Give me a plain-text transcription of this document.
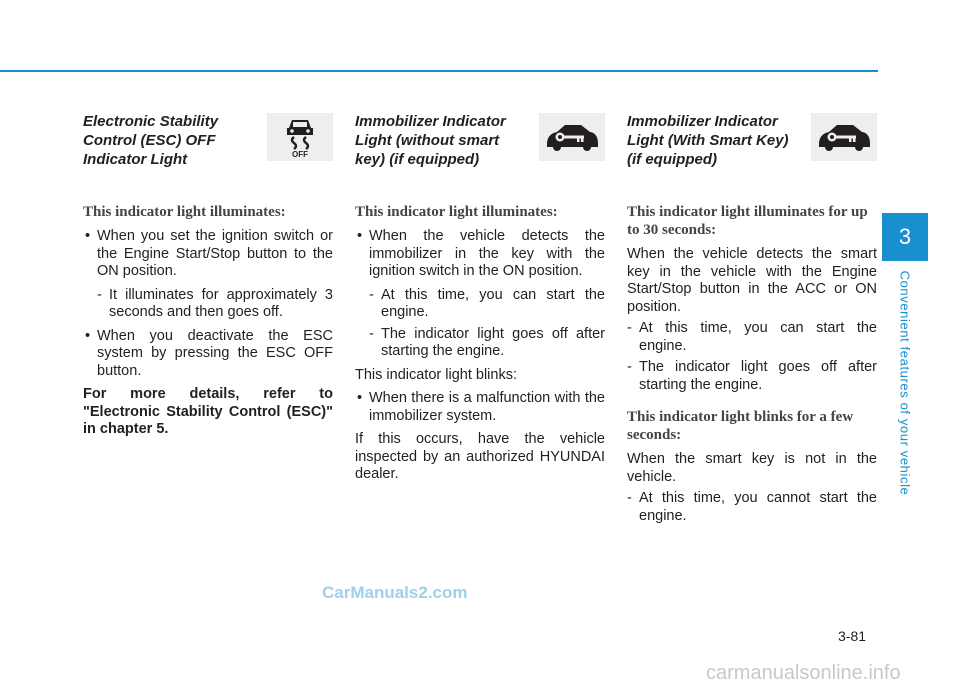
Electronic Stability Control (ESC) OFF Indicator Light	OFF

This indicator light illuminates:

• When you set the ignition switch or the Engine Start/Stop button to the ON position.
- It illuminates for approximately 3 seconds and then goes off.
• When you deactivate the ESC system by pressing the ESC OFF button.

For more details, refer to "Electronic Stability Control (ESC)" in chapter 5.

Immobilizer Indicator Light (without smart key) (if equipped)

This indicator light illuminates:

• When the vehicle detects the immobilizer in the key with the ignition switch in the ON position.
- At this time, you can start the engine.
- The indicator light goes off after starting the engine.

This indicator light blinks:

• When there is a malfunction with the immobilizer system.

If this occurs, have the vehicle inspected by an authorized HYUNDAI dealer.

Immobilizer Indicator Light (With Smart Key) (if equipped)

This indicator light illuminates for up to 30 seconds:

When the vehicle detects the smart key in the vehicle with the Engine Start/Stop button in the ACC or ON position.

- At this time, you can start the engine.
- The indicator light goes off after starting the engine.

This indicator light blinks for a few seconds:

When the smart key is not in the vehicle.

- At this time, you cannot start the engine.
3
Convenient features of your vehicle
CarManuals2.com
3-81
carmanualsonline.info
